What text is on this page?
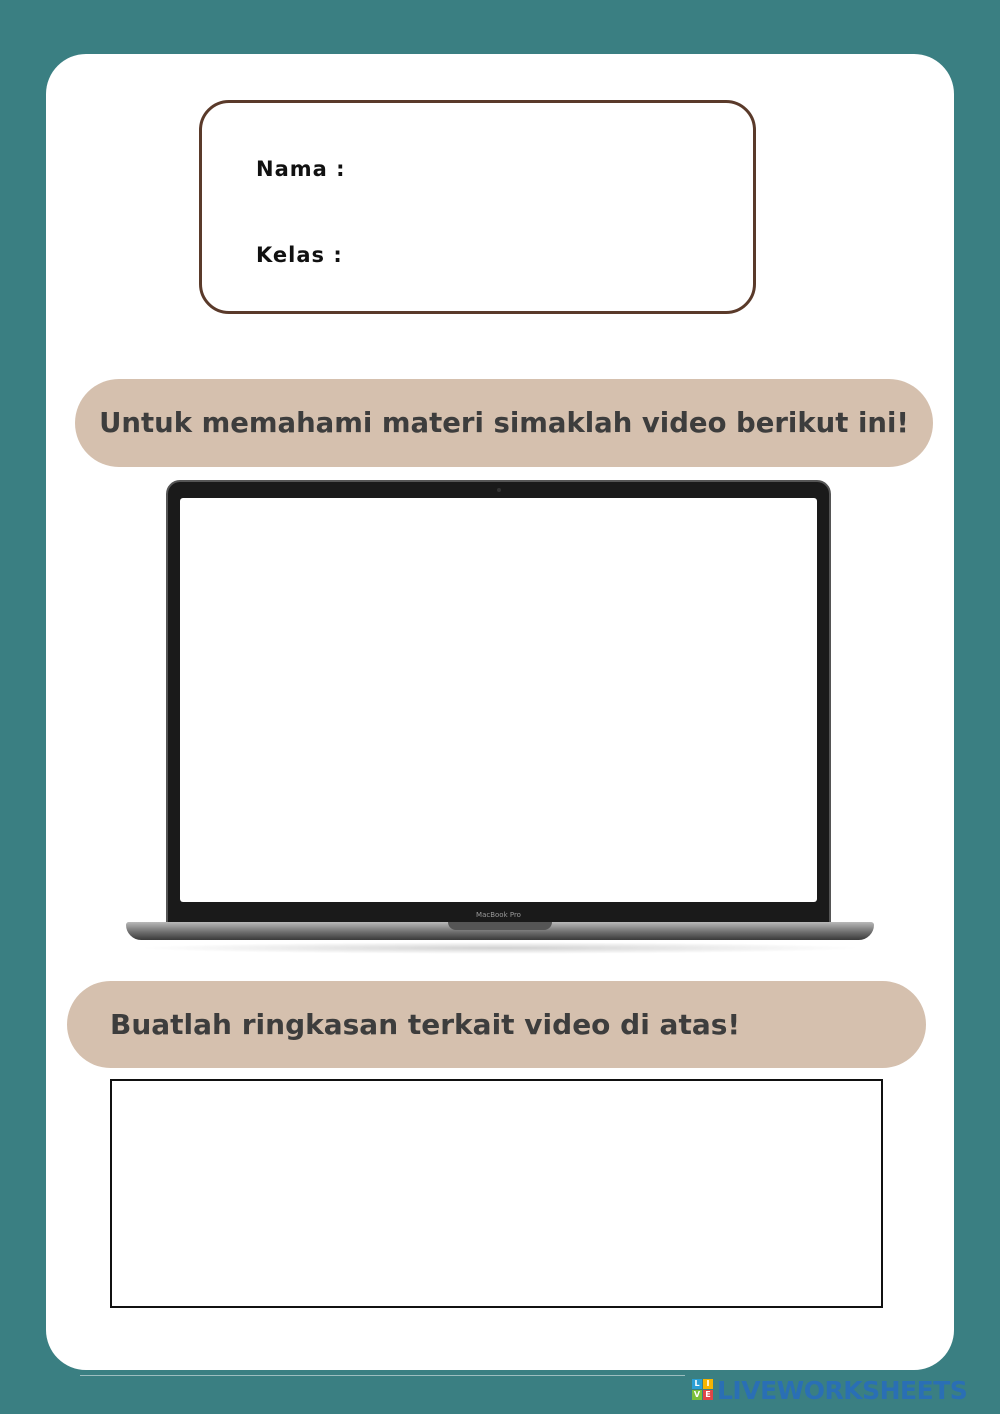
Nama :
Kelas :
Untuk memahami materi simaklah video berikut ini!
MacBook Pro
Buatlah ringkasan terkait video di atas!
L I
V E LIVEWORKSHEETS
